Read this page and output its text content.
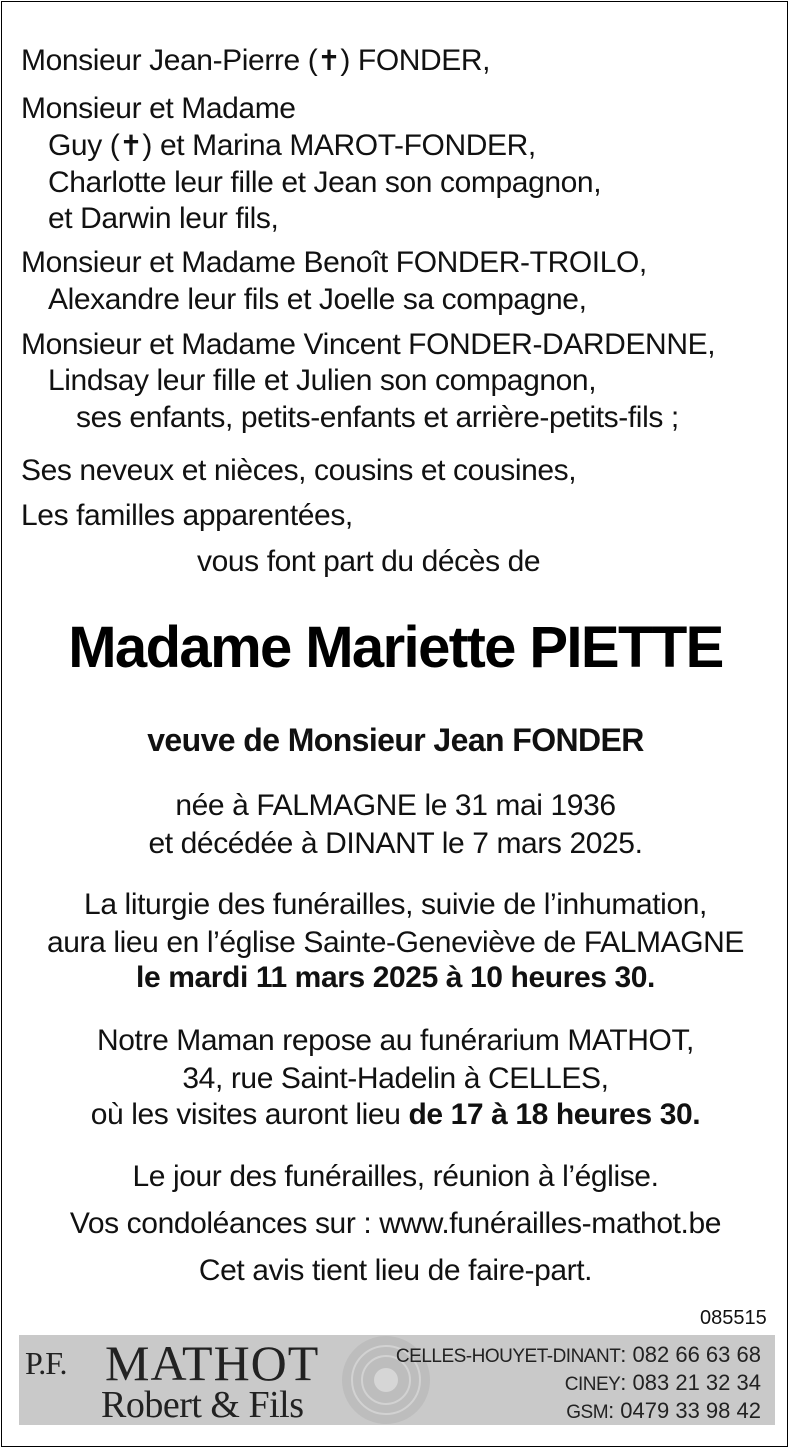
Monsieur Jean-Pierre (✝) FONDER,
Monsieur et Madame
Guy (✝) et Marina MAROT-FONDER,
Charlotte leur fille et Jean son compagnon,
et Darwin leur fils,
Monsieur et Madame Benoît FONDER-TROILO,
Alexandre leur fils et Joelle sa compagne,
Monsieur et Madame Vincent FONDER-DARDENNE,
Lindsay leur fille et Julien son compagnon,
ses enfants, petits-enfants et arrière-petits-fils ;
Ses neveux et nièces, cousins et cousines,
Les familles apparentées,
vous font part du décès de
Madame Mariette PIETTE
veuve de Monsieur Jean FONDER
née à FALMAGNE le 31 mai 1936
et décédée à DINANT le 7 mars 2025.
La liturgie des funérailles, suivie de l’inhumation,
aura lieu en l’église Sainte-Geneviève de FALMAGNE
le mardi 11 mars 2025 à 10 heures 30.
Notre Maman repose au funérarium MATHOT,
34, rue Saint-Hadelin à CELLES,
où les visites auront lieu de 17 à 18 heures 30.
Le jour des funérailles, réunion à l’église.
Vos condoléances sur : www.funérailles-mathot.be
Cet avis tient lieu de faire-part.
085515
P.F. MATHOT
Robert & Fils
CELLES-HOUYET-DINANT: 082 66 63 68
CINEY: 083 21 32 34
GSM: 0479 33 98 42
